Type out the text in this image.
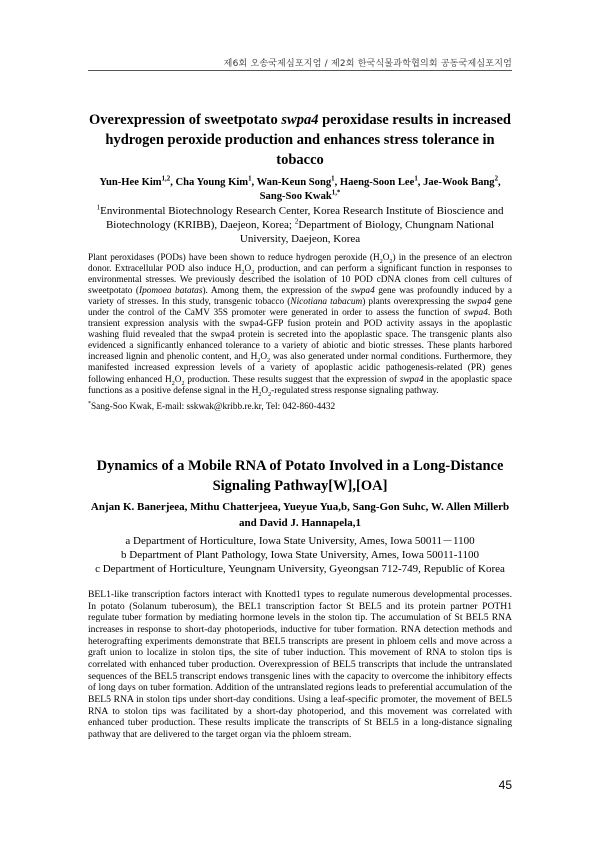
제6회 오송국제심포지엄 / 제2회 한국식물과학협의회 공동국제심포지엄
Overexpression of sweetpotato swpa4 peroxidase results in increased hydrogen peroxide production and enhances stress tolerance in tobacco
Yun-Hee Kim$^{1,2}$, Cha Young Kim$^1$, Wan-Keun Song$^1$, Haeng-Soon Lee$^1$, Jae-Wook Bang$^2$, Sang-Soo Kwak$^{1,*}$
$^1$Environmental Biotechnology Research Center, Korea Research Institute of Bioscience and Biotechnology (KRIBB), Daejeon, Korea; $^2$Department of Biology, Chungnam National University, Daejeon, Korea

Plant peroxidases (PODs) have been shown to reduce hydrogen peroxide $(H_2O_2)$ in the presence of an electron donor. Extracellular POD also induce $H_2O_2$ production, and can perform a significant function in responses to environmental stresses. We previously described the isolation of 10 POD cDNA clones from cell cultures of sweetpotato (Ipomoea batatas). Among them, the expression of the swpa4 gene was profoundly induced by a variety of stresses. In this study, transgenic tobacco (Nicotiana tabacum) plants overexpressing the swpa4 gene under the control of the CaMV 35S promoter were generated in order to assess the function of swpa4. Both transient expression analysis with the swpa4-GFP fusion protein and POD activity assays in the apoplastic washing fluid revealed that the swpa4 protein is secreted into the apoplastic space. The transgenic plants also evidenced a significantly enhanced tolerance to a variety of abiotic and biotic stresses. These plants harbored increased lignin and phenolic content, and $H_2O_2$ was also generated under normal conditions. Furthermore, they manifested increased expression levels of a variety of apoplastic acidic pathogenesis-related (PR) genes following enhanced $H_2O_2$ production. These results suggest that the expression of swpa4 in the apoplastic space functions as a positive defense signal in the $H_2O_2$-regulated stress response signaling pathway.

*Sang-Soo Kwak, E-mail: sskwak@kribb.re.kr, Tel: 042-860-4432
Dynamics of a Mobile RNA of Potato Involved in a Long-Distance Signaling Pathway[W],[OA]
Anjan K. Banerjeea, Mithu Chatterjeea, Yueyue Yua,b, Sang-Gon Suhc, W. Allen Millerb and David J. Hannapela,1
a Department of Horticulture, Iowa State University, Ames, Iowa 50011－1100
b Department of Plant Pathology, Iowa State University, Ames, Iowa 50011-1100
c Department of Horticulture, Yeungnam University, Gyeongsan 712-749, Republic of Korea

BEL1-like transcription factors interact with Knotted1 types to regulate numerous developmental processes. In potato (Solanum tuberosum), the BEL1 transcription factor St BEL5 and its protein partner POTH1 regulate tuber formation by mediating hormone levels in the stolon tip. The accumulation of St BEL5 RNA increases in response to short-day photoperiods, inductive for tuber formation. RNA detection methods and heterografting experiments demonstrate that BEL5 transcripts are present in phloem cells and move across a graft union to localize in stolon tips, the site of tuber induction. This movement of RNA to stolon tips is correlated with enhanced tuber production. Overexpression of BEL5 transcripts that include the untranslated sequences of the BEL5 transcript endows transgenic lines with the capacity to overcome the inhibitory effects of long days on tuber formation. Addition of the untranslated regions leads to preferential accumulation of the BEL5 RNA in stolon tips under short-day conditions. Using a leaf-specific promoter, the movement of BEL5 RNA to stolon tips was facilitated by a short-day photoperiod, and this movement was correlated with enhanced tuber production. These results implicate the transcripts of St BEL5 in a long-distance signaling pathway that are delivered to the target organ via the phloem stream.

45
